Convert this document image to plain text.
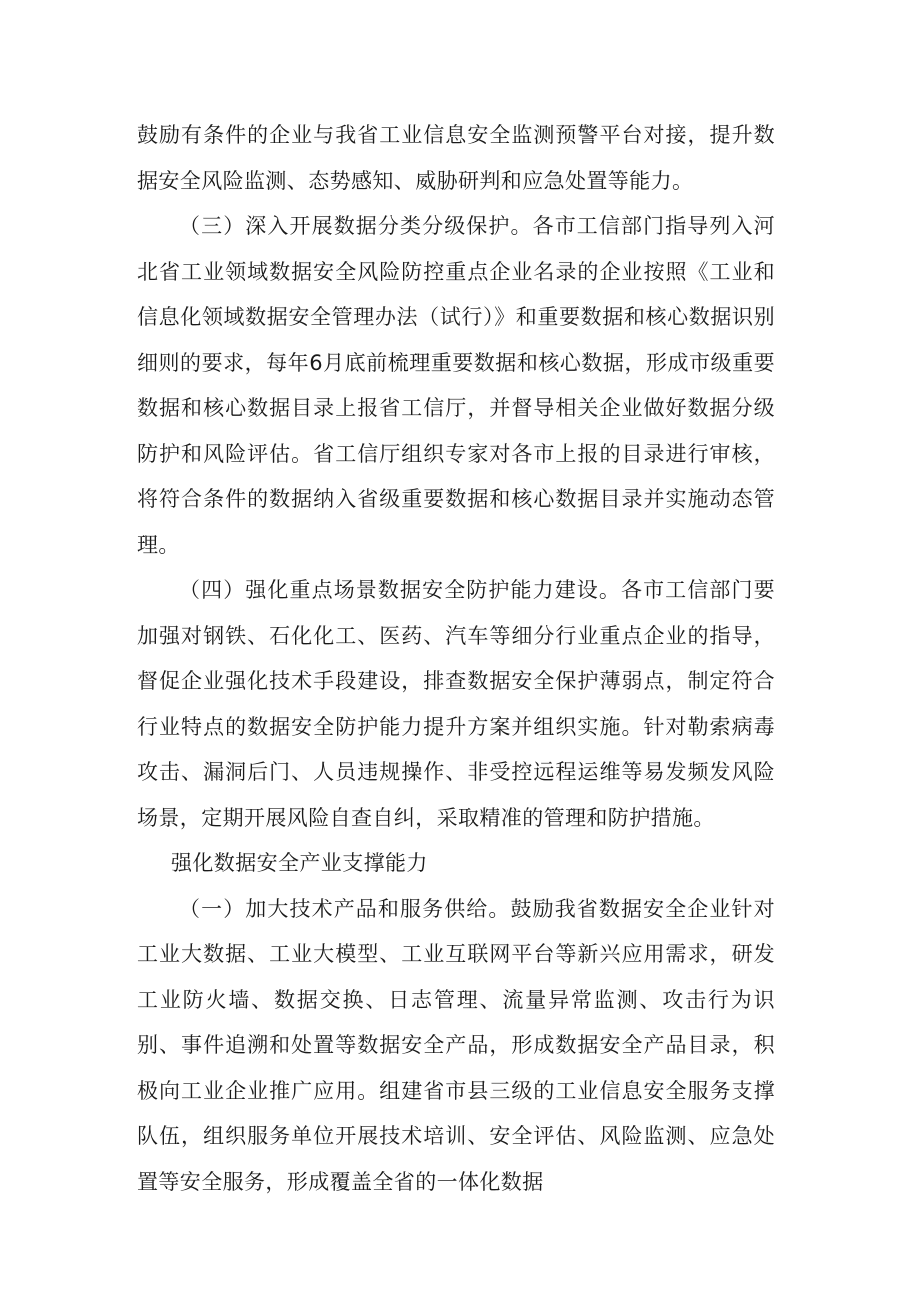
鼓励有条件的企业与我省工业信息安全监测预警平台对接，提升数据安全风险监测、态势感知、威胁研判和应急处置等能力。

（三）深入开展数据分类分级保护。各市工信部门指导列入河北省工业领域数据安全风险防控重点企业名录的企业按照《工业和信息化领域数据安全管理办法（试行）》和重要数据和核心数据识别细则的要求，每年6月底前梳理重要数据和核心数据，形成市级重要数据和核心数据目录上报省工信厅，并督导相关企业做好数据分级防护和风险评估。省工信厅组织专家对各市上报的目录进行审核，将符合条件的数据纳入省级重要数据和核心数据目录并实施动态管理。

（四）强化重点场景数据安全防护能力建设。各市工信部门要加强对钢铁、石化化工、医药、汽车等细分行业重点企业的指导，督促企业强化技术手段建设，排查数据安全保护薄弱点，制定符合行业特点的数据安全防护能力提升方案并组织实施。针对勒索病毒攻击、漏洞后门、人员违规操作、非受控远程运维等易发频发风险场景，定期开展风险自查自纠，采取精准的管理和防护措施。

强化数据安全产业支撑能力

（一）加大技术产品和服务供给。鼓励我省数据安全企业针对工业大数据、工业大模型、工业互联网平台等新兴应用需求，研发工业防火墙、数据交换、日志管理、流量异常监测、攻击行为识别、事件追溯和处置等数据安全产品，形成数据安全产品目录，积极向工业企业推广应用。组建省市县三级的工业信息安全服务支撑队伍，组织服务单位开展技术培训、安全评估、风险监测、应急处置等安全服务，形成覆盖全省的一体化数据
